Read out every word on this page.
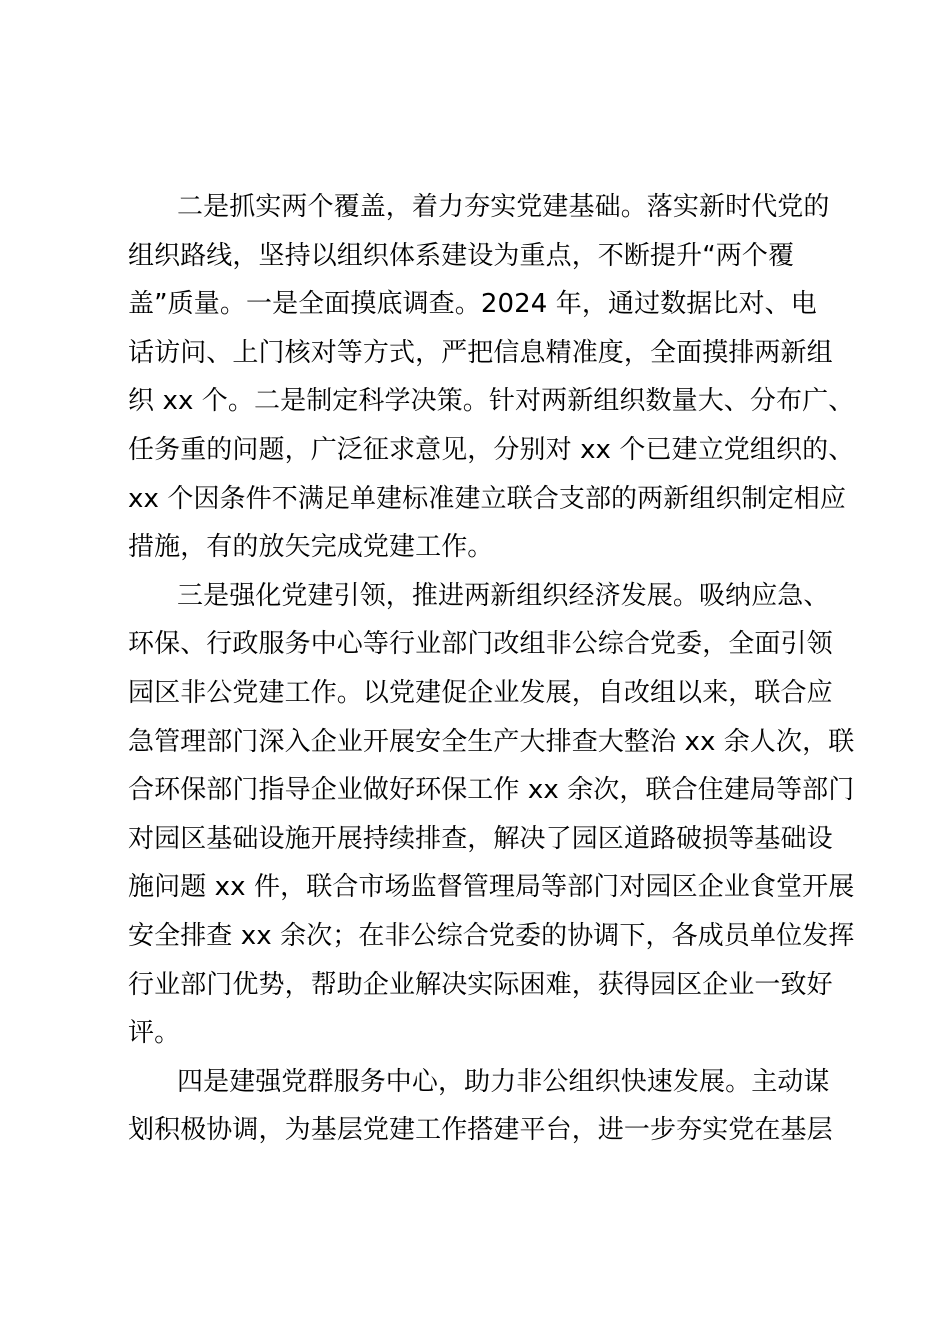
二是抓实两个覆盖，着力夯实党建基础。落实新时代党的
组织路线，坚持以组织体系建设为重点，不断提升“两个覆
盖”质量。一是全面摸底调查。2024 年，通过数据比对、电
话访问、上门核对等方式，严把信息精准度，全面摸排两新组
织 xx 个。二是制定科学决策。针对两新组织数量大、分布广、
任务重的问题，广泛征求意见，分别对 xx 个已建立党组织的、
xx 个因条件不满足单建标准建立联合支部的两新组织制定相应
措施，有的放矢完成党建工作。
三是强化党建引领，推进两新组织经济发展。吸纳应急、
环保、行政服务中心等行业部门改组非公综合党委，全面引领
园区非公党建工作。以党建促企业发展，自改组以来，联合应
急管理部门深入企业开展安全生产大排查大整治 xx 余人次，联
合环保部门指导企业做好环保工作 xx 余次，联合住建局等部门
对园区基础设施开展持续排查，解决了园区道路破损等基础设
施问题 xx 件，联合市场监督管理局等部门对园区企业食堂开展
安全排查 xx 余次；在非公综合党委的协调下，各成员单位发挥
行业部门优势，帮助企业解决实际困难，获得园区企业一致好
评。
四是建强党群服务中心，助力非公组织快速发展。主动谋
划积极协调，为基层党建工作搭建平台，进一步夯实党在基层
